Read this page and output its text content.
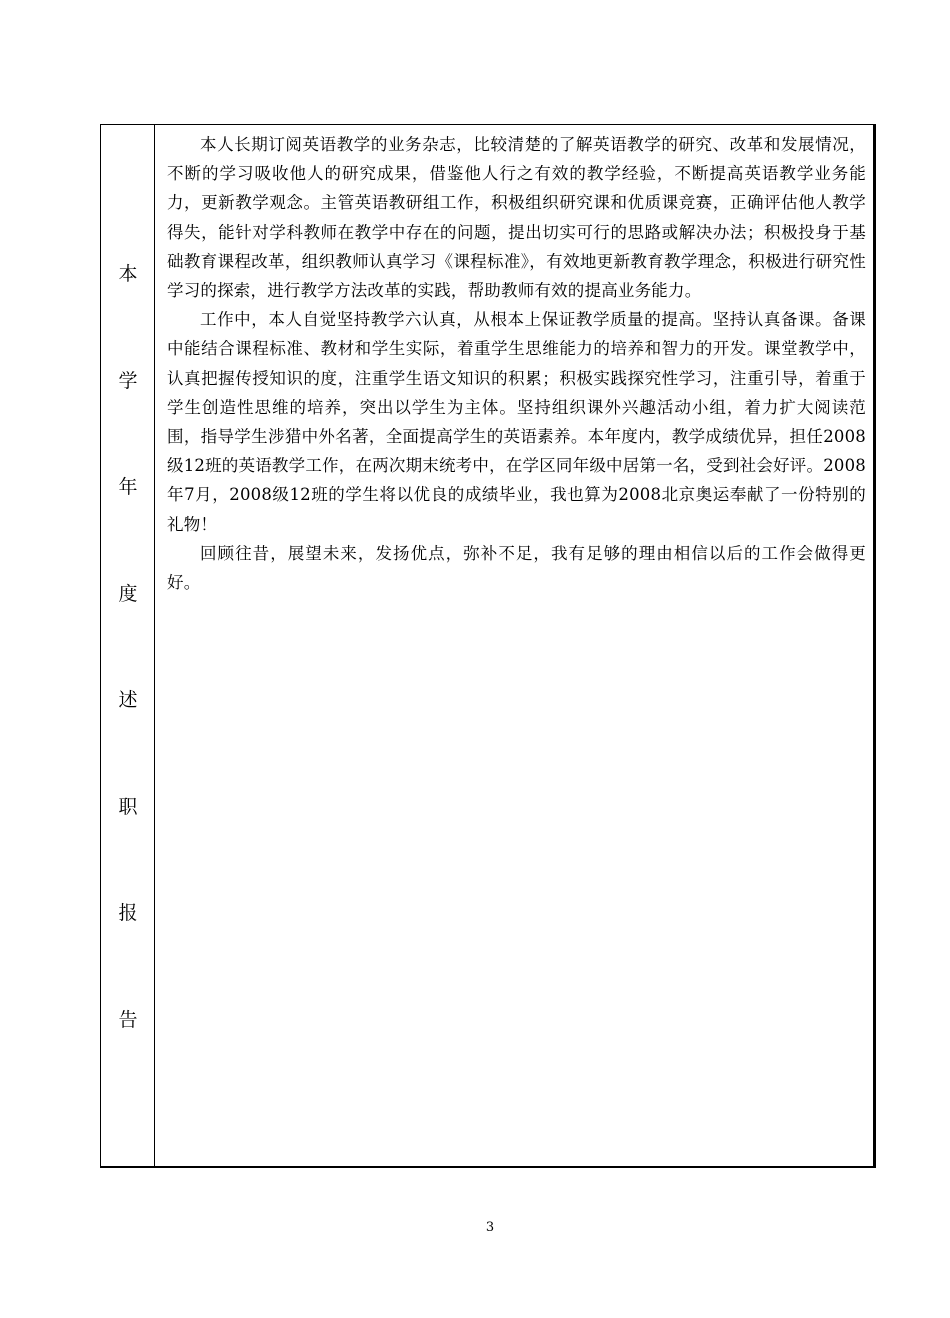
本
学
年
度
述
职
报
告

本人长期订阅英语教学的业务杂志，比较清楚的了解英语教学的研究、改革和发展情况，不断的学习吸收他人的研究成果，借鉴他人行之有效的教学经验，不断提高英语教学业务能力，更新教学观念。主管英语教研组工作，积极组织研究课和优质课竞赛，正确评估他人教学得失，能针对学科教师在教学中存在的问题，提出切实可行的思路或解决办法；积极投身于基础教育课程改革，组织教师认真学习《课程标准》，有效地更新教育教学理念，积极进行研究性学习的探索，进行教学方法改革的实践，帮助教师有效的提高业务能力。

工作中，本人自觉坚持教学六认真，从根本上保证教学质量的提高。坚持认真备课。备课中能结合课程标准、教材和学生实际，着重学生思维能力的培养和智力的开发。课堂教学中，认真把握传授知识的度，注重学生语文知识的积累；积极实践探究性学习，注重引导，着重于学生创造性思维的培养，突出以学生为主体。坚持组织课外兴趣活动小组，着力扩大阅读范围，指导学生涉猎中外名著，全面提高学生的英语素养。本年度内，教学成绩优异，担任2008级12班的英语教学工作，在两次期末统考中，在学区同年级中居第一名，受到社会好评。2008年7月，2008级12班的学生将以优良的成绩毕业，我也算为2008北京奥运奉献了一份特别的礼物！

回顾往昔，展望未来，发扬优点，弥补不足，我有足够的理由相信以后的工作会做得更好。

3
